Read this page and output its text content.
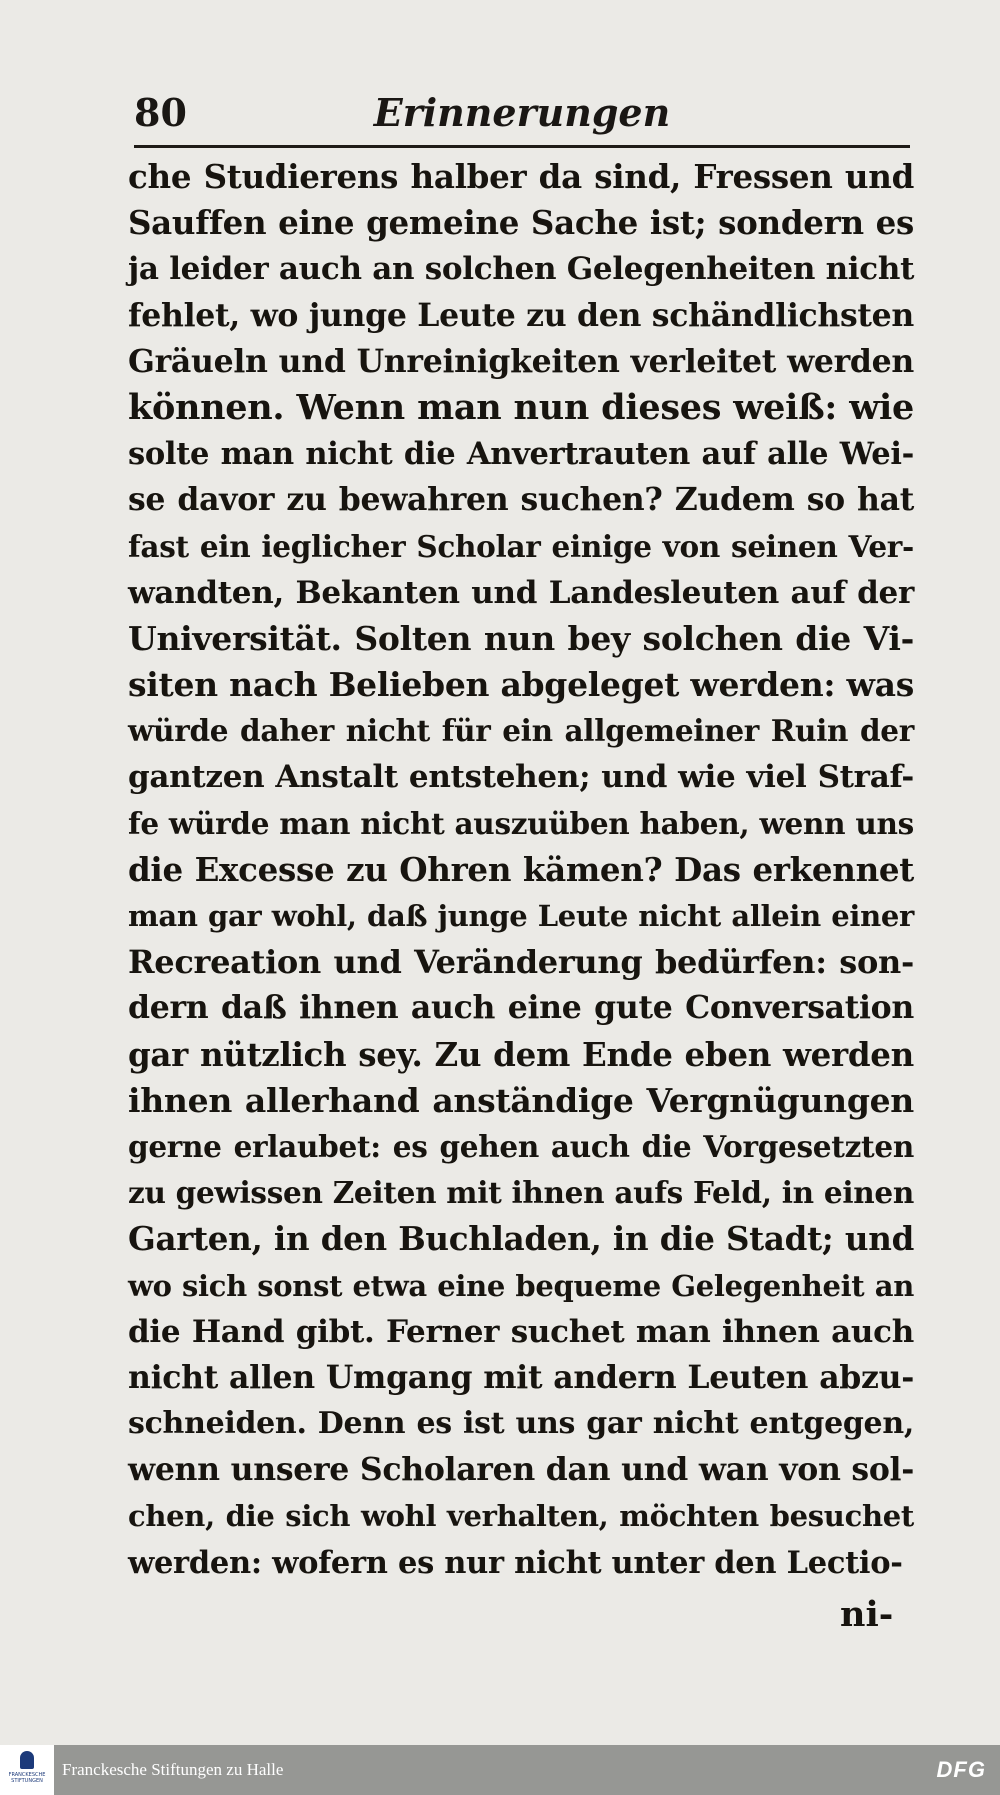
80	Erinnerungen
che Studierens halber da sind, Fressen und
Sauffen eine gemeine Sache ist; sondern es
ja leider auch an solchen Gelegenheiten nicht
fehlet, wo junge Leute zu den schändlichsten
Gräueln und Unreinigkeiten verleitet werden
können. Wenn man nun dieses weiß: wie
solte man nicht die Anvertrauten auf alle Wei-
se davor zu bewahren suchen? Zudem so hat
fast ein ieglicher Scholar einige von seinen Ver-
wandten, Bekanten und Landesleuten auf der
Universität. Solten nun bey solchen die Vi-
siten nach Belieben abgeleget werden: was
würde daher nicht für ein allgemeiner Ruin der
gantzen Anstalt entstehen; und wie viel Straf-
fe würde man nicht auszuüben haben, wenn uns
die Excesse zu Ohren kämen? Das erkennet
man gar wohl, daß junge Leute nicht allein einer
Recreation und Veränderung bedürfen: son-
dern daß ihnen auch eine gute Conversation
gar nützlich sey. Zu dem Ende eben werden
ihnen allerhand anständige Vergnügungen
gerne erlaubet: es gehen auch die Vorgesetzten
zu gewissen Zeiten mit ihnen aufs Feld, in einen
Garten, in den Buchladen, in die Stadt; und
wo sich sonst etwa eine bequeme Gelegenheit an
die Hand gibt. Ferner suchet man ihnen auch
nicht allen Umgang mit andern Leuten abzu-
schneiden. Denn es ist uns gar nicht entgegen,
wenn unsere Scholaren dan und wan von sol-
chen, die sich wohl verhalten, möchten besuchet
werden: wofern es nur nicht unter den Lectio-
ni-
FRANCKESCHE STIFTUNGEN
Franckesche Stiftungen zu Halle	DFG
